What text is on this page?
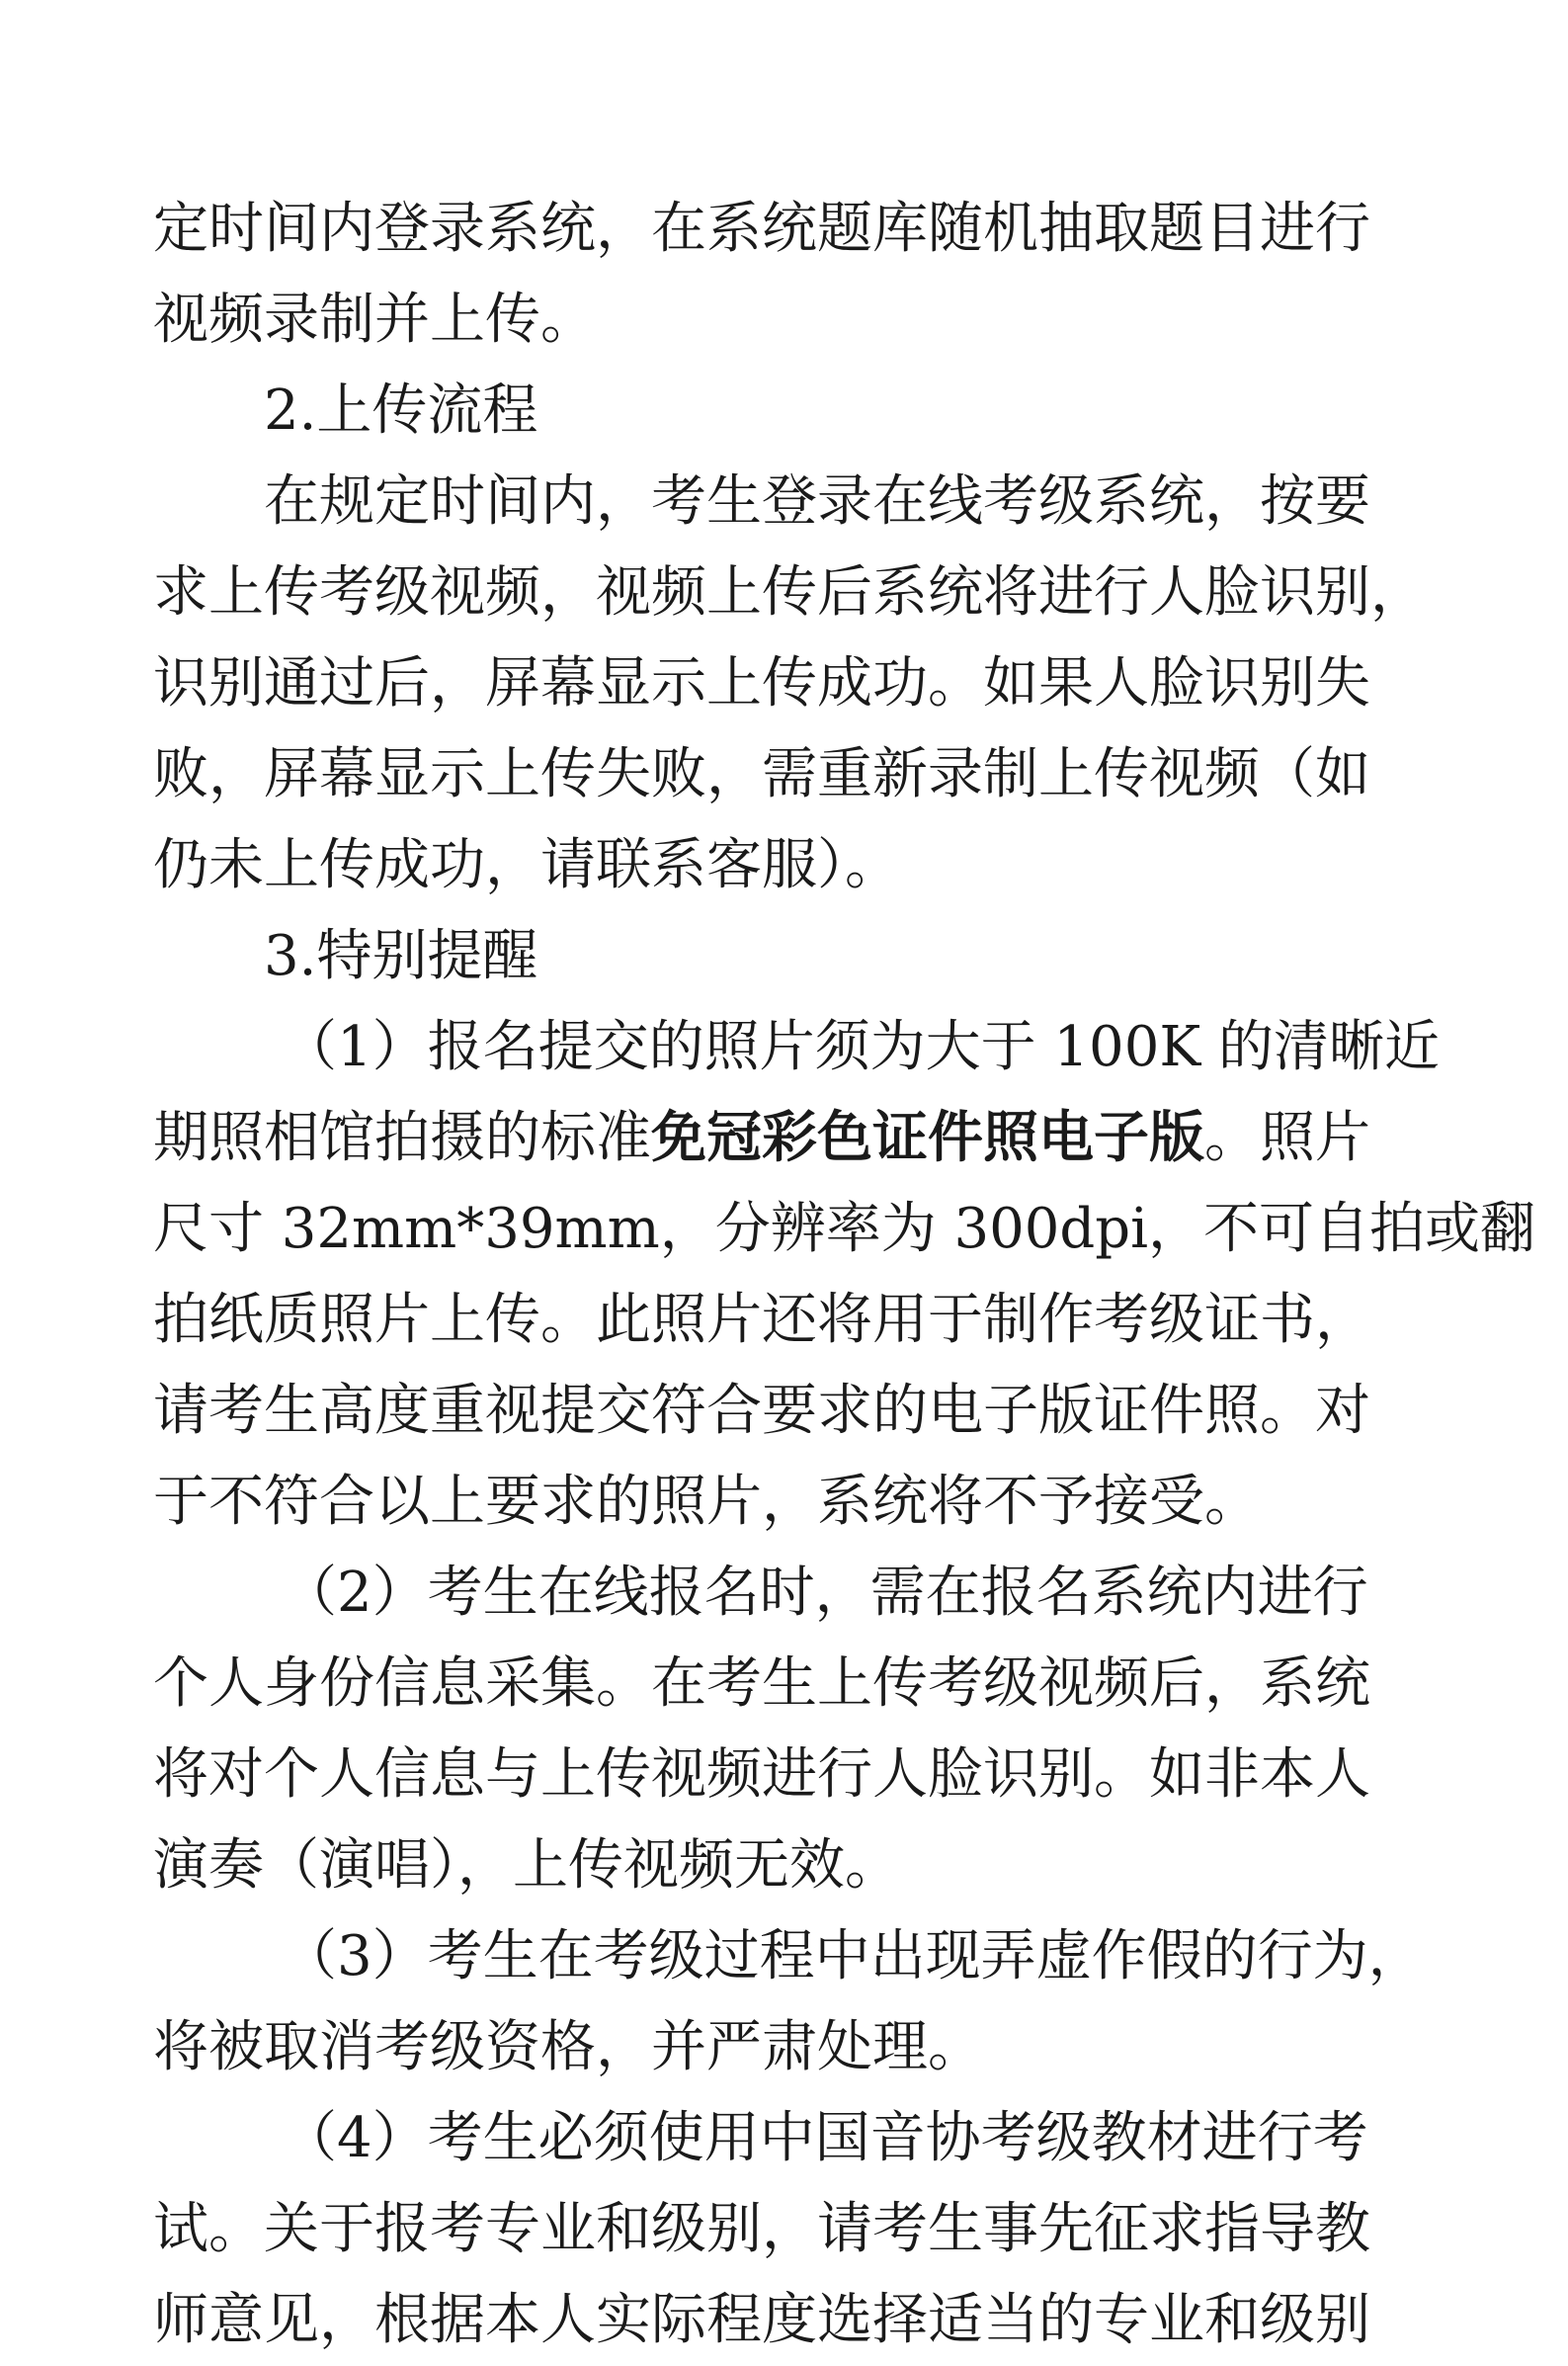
定时间内登录系统，在系统题库随机抽取题目进行
视频录制并上传。
2.上传流程
在规定时间内，考生登录在线考级系统，按要
求上传考级视频，视频上传后系统将进行人脸识别，
识别通过后，屏幕显示上传成功。如果人脸识别失
败，屏幕显示上传失败，需重新录制上传视频（如
仍未上传成功，请联系客服）。
3.特别提醒
（1）报名提交的照片须为大于 100K 的清晰近
期照相馆拍摄的标准免冠彩色证件照电子版。照片
尺寸 32mm*39mm，分辨率为 300dpi，不可自拍或翻
拍纸质照片上传。此照片还将用于制作考级证书，
请考生高度重视提交符合要求的电子版证件照。对
于不符合以上要求的照片，系统将不予接受。
（2）考生在线报名时，需在报名系统内进行
个人身份信息采集。在考生上传考级视频后，系统
将对个人信息与上传视频进行人脸识别。如非本人
演奏（演唱），上传视频无效。
（3）考生在考级过程中出现弄虚作假的行为，
将被取消考级资格，并严肃处理。
（4）考生必须使用中国音协考级教材进行考
试。关于报考专业和级别，请考生事先征求指导教
师意见，根据本人实际程度选择适当的专业和级别
